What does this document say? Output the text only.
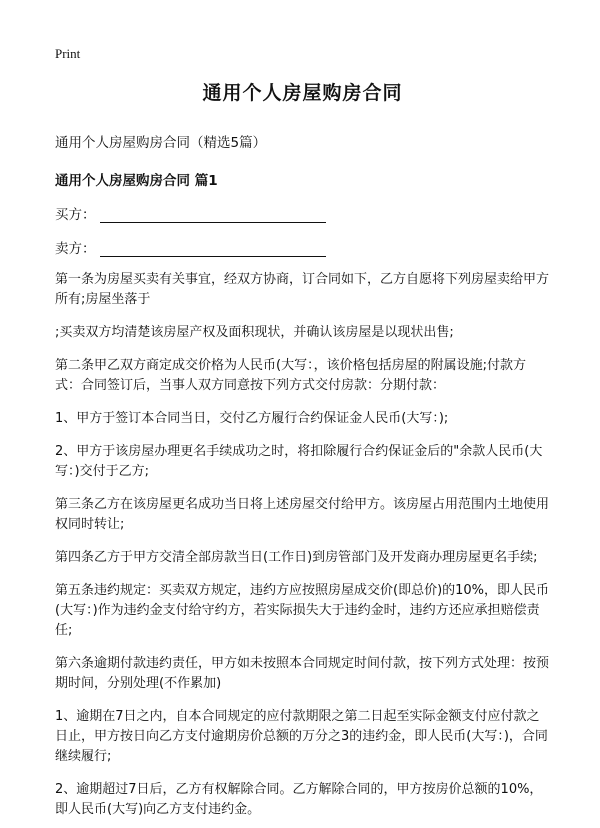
Print
通用个人房屋购房合同

通用个人房屋购房合同（精选5篇）

通用个人房屋购房合同 篇1

买方：
卖方：

第一条为房屋买卖有关事宜，经双方协商，订合同如下，乙方自愿将下列房屋卖给甲方所有;房屋坐落于

;买卖双方均清楚该房屋产权及面积现状，并确认该房屋是以现状出售;

第二条甲乙双方商定成交价格为人民币(大写：，该价格包括房屋的附属设施;付款方式：合同签订后，当事人双方同意按下列方式交付房款：分期付款：

1、甲方于签订本合同当日，交付乙方履行合约保证金人民币(大写：);

2、甲方于该房屋办理更名手续成功之时，将扣除履行合约保证金后的"余款人民币(大写：)交付于乙方;

第三条乙方在该房屋更名成功当日将上述房屋交付给甲方。该房屋占用范围内土地使用权同时转让;

第四条乙方于甲方交清全部房款当日(工作日)到房管部门及开发商办理房屋更名手续;

第五条违约规定：买卖双方规定，违约方应按照房屋成交价(即总价)的10%，即人民币(大写：)作为违约金支付给守约方，若实际损失大于违约金时，违约方还应承担赔偿责任;

第六条逾期付款违约责任，甲方如未按照本合同规定时间付款，按下列方式处理：按预期时间，分别处理(不作累加)

1、逾期在7日之内，自本合同规定的应付款期限之第二日起至实际金额支付应付款之日止，甲方按日向乙方支付逾期房价总额的万分之3的违约金，即人民币(大写：)，合同继续履行;

2、逾期超过7日后，乙方有权解除合同。乙方解除合同的，甲方按房价总额的10%，即人民币(大写)向乙方支付违约金。
